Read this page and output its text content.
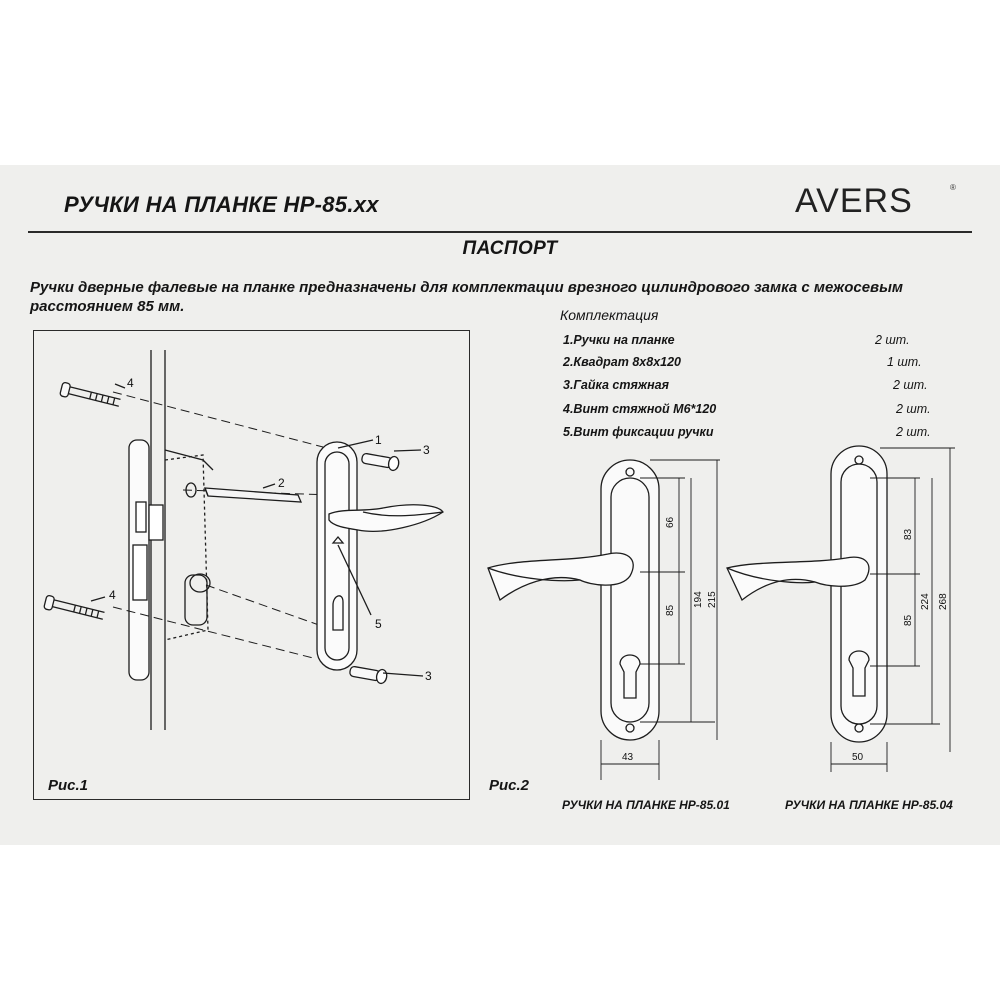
РУЧКИ НА ПЛАНКЕ НР-85.хх	AVERS	®
ПАСПОРТ
Ручки дверные фалевые на планке предназначены для комплектации врезного цилиндрового замка с межосевым
расстоянием 85 мм.	Комплектация
1.Ручки на планке	2 шт.
2.Квадрат 8х8х120	1 шт.
3.Гайка стяжная	2 шт.
4.Винт стяжной М6*120	2 шт.
5.Винт фиксации ручки	2 шт.
4
1
2
3
4
5
3
Рис.1
66
85
194 215
43
83
85
224 268
50
Рис.2
РУЧКИ НА ПЛАНКЕ НР-85.01	РУЧКИ НА ПЛАНКЕ НР-85.04
